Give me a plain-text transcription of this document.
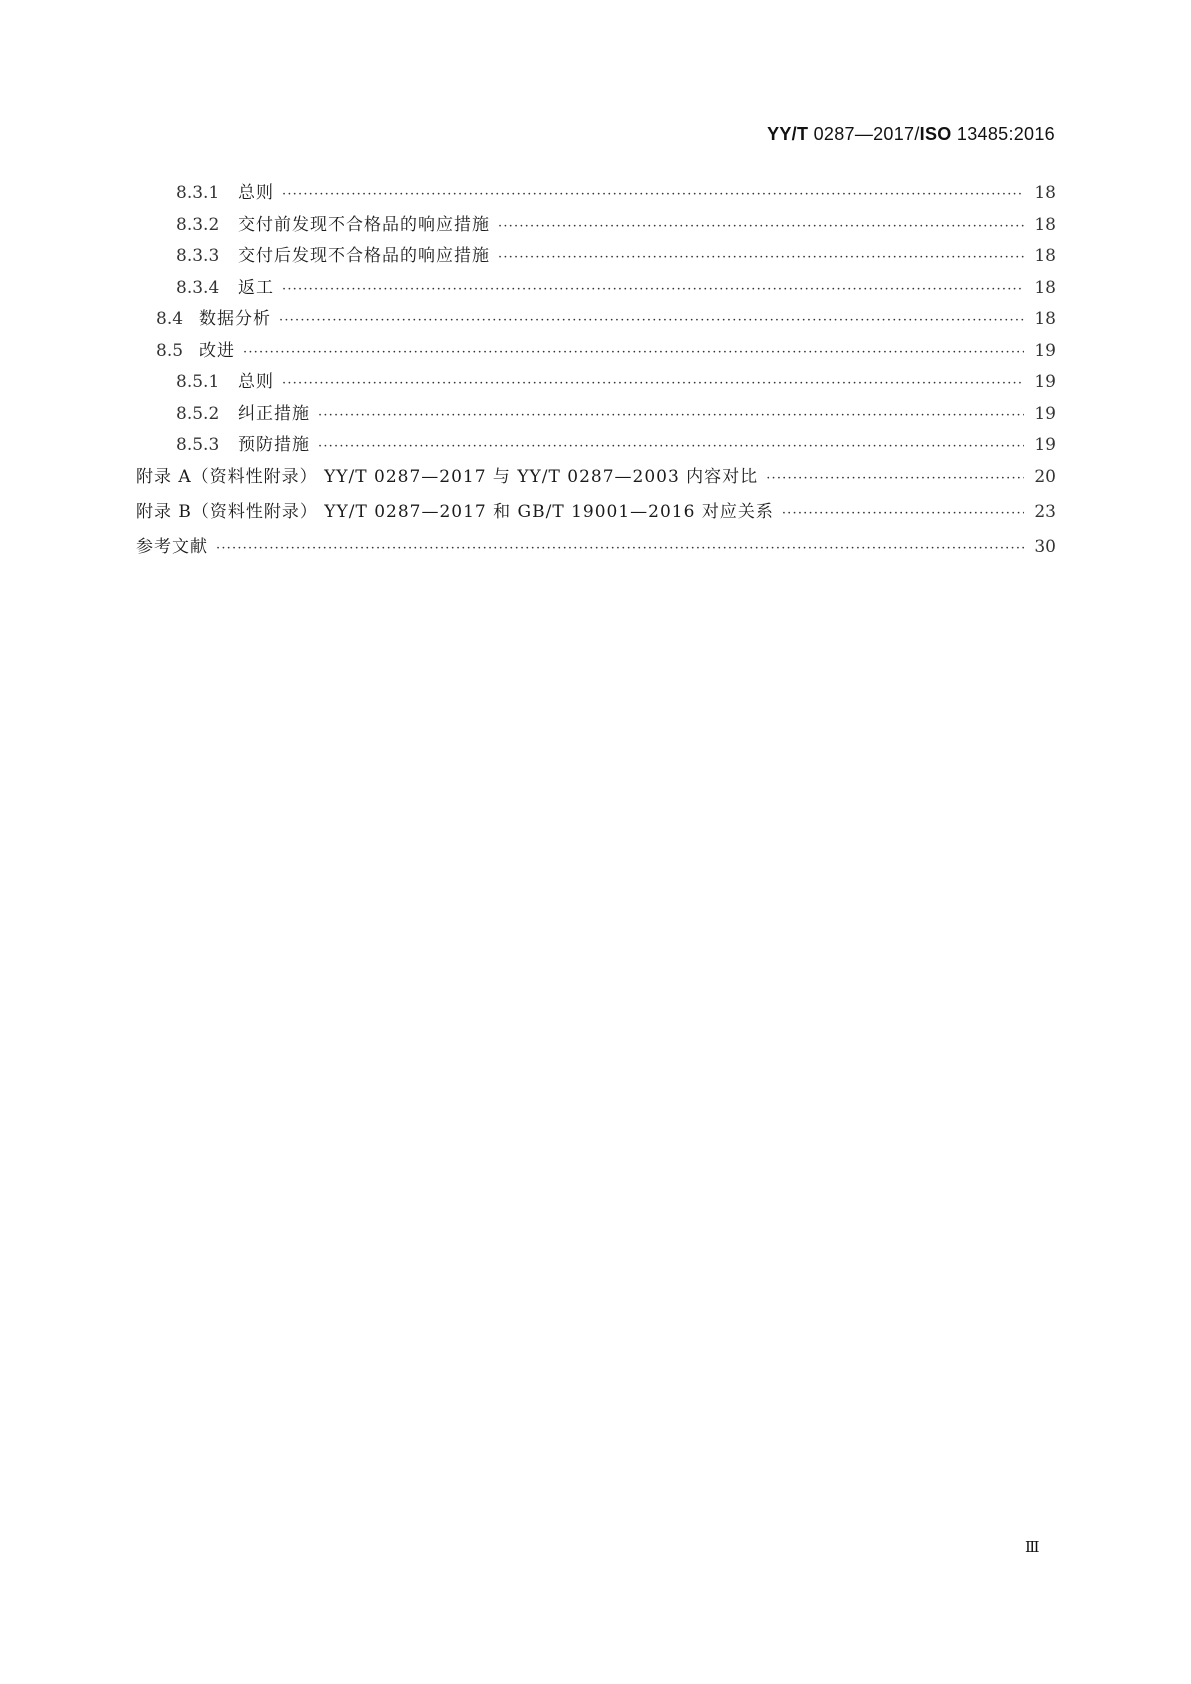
YY/T 0287—2017/ISO 13485:2016
8.3.1	总则 ·····	18
8.3.2	交付前发现不合格品的响应措施 ·····	18
8.3.3	交付后发现不合格品的响应措施 ·····	18
8.3.4	返工 ·····	18
8.4 数据分析 ·····	18
8.5 改进 ·····	19
8.5.1	总则 ·····	19
8.5.2	纠正措施 ·····	19
8.5.3	预防措施 ·····	19
附录 A（资料性附录） YY/T 0287—2017 与 YY/T 0287—2003 内容对比 ·····	20
附录 B（资料性附录） YY/T 0287—2017 和 GB/T 19001—2016 对应关系 ·····	23
参考文献 ·····	30
Ⅲ
